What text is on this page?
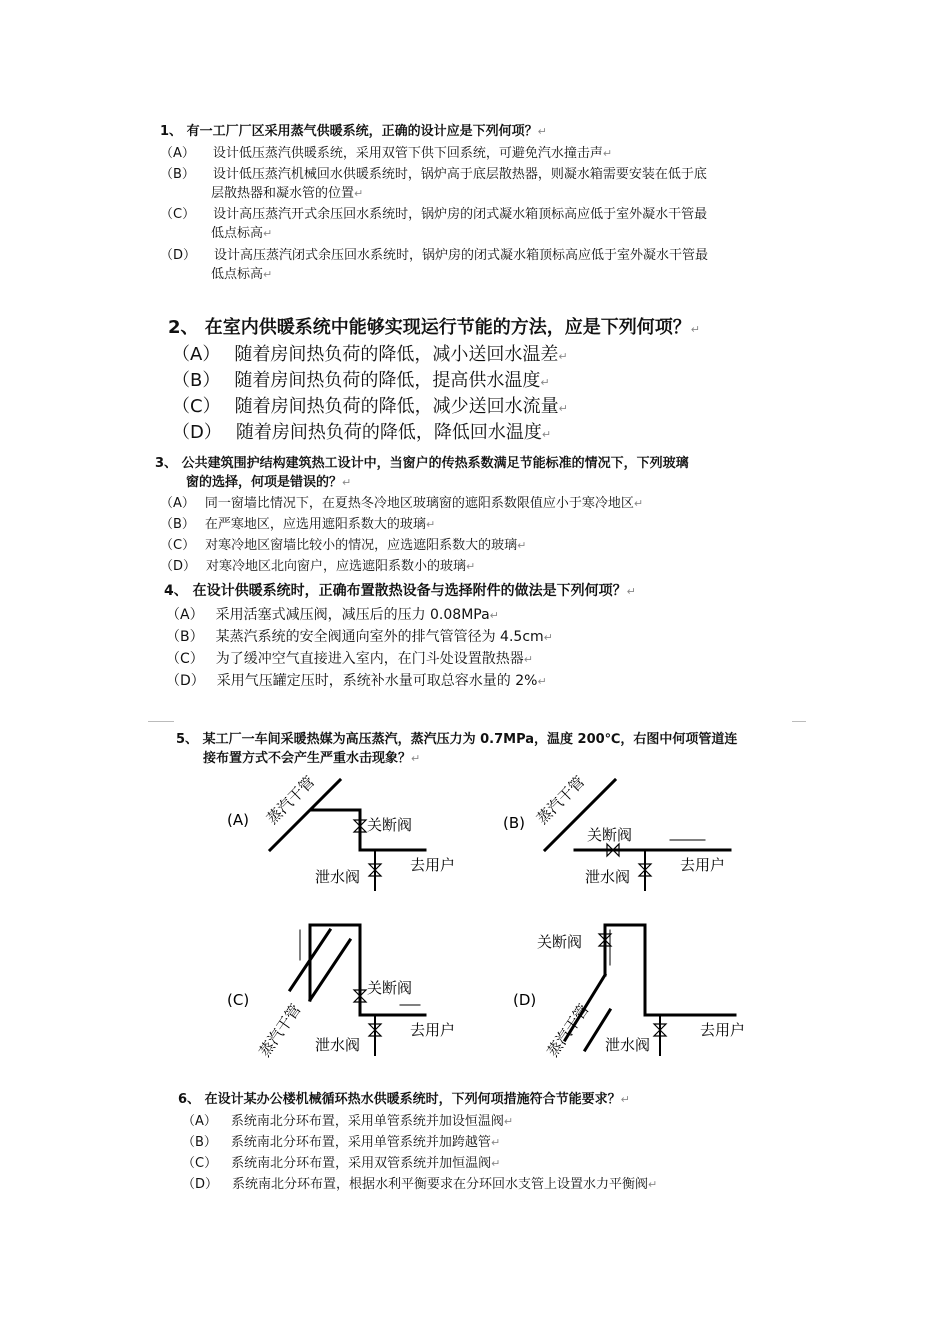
1、 有一工厂厂区采用蒸气供暖系统，正确的设计应是下列何项？↵
（A） 设计低压蒸汽供暖系统，采用双管下供下回系统，可避免汽水撞击声↵
（B） 设计低压蒸汽机械回水供暖系统时，锅炉高于底层散热器，则凝水箱需要安装在低于底
层散热器和凝水管的位置↵
（C） 设计高压蒸汽开式余压回水系统时，锅炉房的闭式凝水箱顶标高应低于室外凝水干管最
低点标高↵
（D） 设计高压蒸汽闭式余压回水系统时，锅炉房的闭式凝水箱顶标高应低于室外凝水干管最
低点标高↵
2、 在室内供暖系统中能够实现运行节能的方法，应是下列何项？↵
（A） 随着房间热负荷的降低，减小送回水温差↵
（B） 随着房间热负荷的降低，提高供水温度↵
（C） 随着房间热负荷的降低，减少送回水流量↵
（D） 随着房间热负荷的降低，降低回水温度↵
3、 公共建筑围护结构建筑热工设计中，当窗户的传热系数满足节能标准的情况下，下列玻璃
窗的选择，何项是错误的？↵
（A） 同一窗墙比情况下，在夏热冬冷地区玻璃窗的遮阳系数限值应小于寒冷地区↵
（B） 在严寒地区，应选用遮阳系数大的玻璃↵
（C） 对寒冷地区窗墙比较小的情况，应选遮阳系数大的玻璃↵
（D） 对寒冷地区北向窗户，应选遮阳系数小的玻璃↵
4、 在设计供暖系统时，正确布置散热设备与选择附件的做法是下列何项？↵
（A） 采用活塞式减压阀，减压后的压力 0.08MPa↵
（B） 某蒸汽系统的安全阀通向室外的排气管管径为 4.5cm↵
（C） 为了缓冲空气直接进入室内，在门斗处设置散热器↵
（D） 采用气压罐定压时，系统补水量可取总容水量的 2%↵
5、 某工厂一车间采暖热媒为高压蒸汽，蒸汽压力为 0.7MPa，温度 200℃，右图中何项管道连
接布置方式不会产生严重水击现象？↵
(A)	(B)
(C)	(D)
蒸汽干管	蒸汽干管
蒸汽干管	蒸汽干管
关断阀
关断阀
关断阀
关断阀
泄水阀	泄水阀
泄水阀	泄水阀
去用户	去用户
去用户	去用户
6、 在设计某办公楼机械循环热水供暖系统时，下列何项措施符合节能要求？↵
（A） 系统南北分环布置，采用单管系统并加设恒温阀↵
（B） 系统南北分环布置，采用单管系统并加跨越管↵
（C） 系统南北分环布置，采用双管系统并加恒温阀↵
（D） 系统南北分环布置，根据水利平衡要求在分环回水支管上设置水力平衡阀↵
